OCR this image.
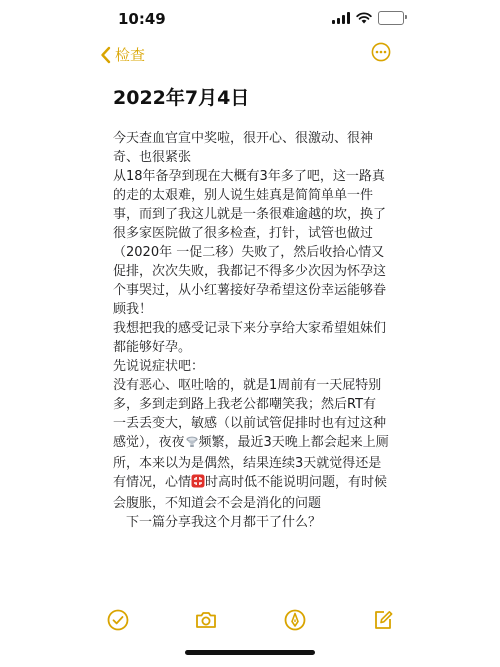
10:49
检查
2022年7月4日

今天查血官宣中奖啦，很开心、很激动、很神奇、也很紧张

从18年备孕到现在大概有3年多了吧，这一路真的走的太艰难，别人说生娃真是简简单单一件事，而到了我这儿就是一条很难逾越的坎，换了很多家医院做了很多检查，打针，试管也做过（2020年 一促二移）失败了，然后收拾心情又促排，次次失败，我都记不得多少次因为怀孕这个事哭过，从小红薯接好孕希望这份幸运能够眷顾我！

我想把我的感受记录下来分享给大家希望姐妹们都能够好孕。

先说说症状吧：

没有恶心、呕吐啥的，就是1周前有一天屁特别多，多到走到路上我老公都嘲笑我；然后RT有一丢丢变大，敏感（以前试管促排时也有过这种感觉），夜夜 频繁，最近3天晚上都会起来上厕所，本来以为是偶然，结果连续3天就觉得还是有情况，心情 时高时低不能说明问题，有时候会腹胀，不知道会不会是消化的问题

下一篇分享我这个月都干了什么？
